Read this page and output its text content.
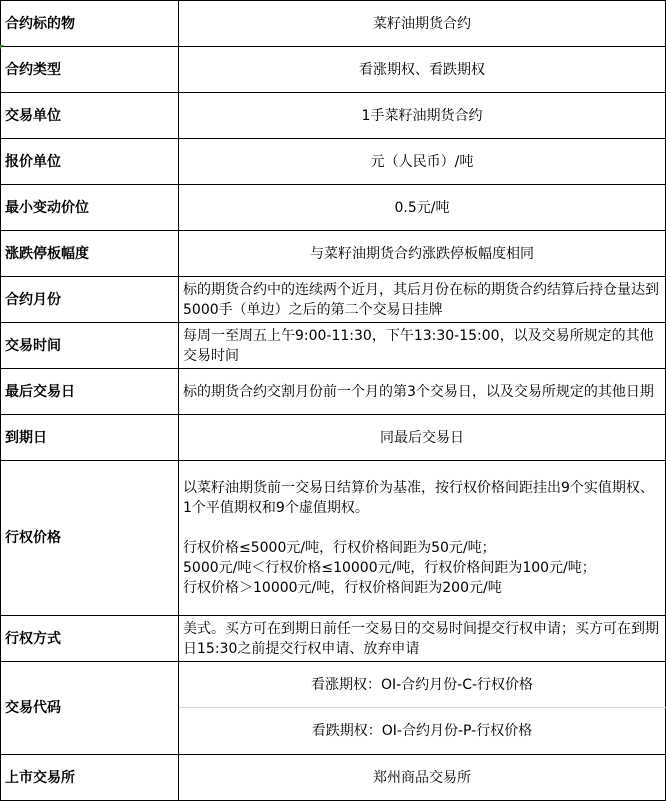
合约标的物	菜籽油期货合约
合约类型	看涨期权、看跌期权
交易单位	1手菜籽油期货合约
报价单位	元（人民币）/吨
最小变动价位	0.5元/吨
涨跌停板幅度	与菜籽油期货合约涨跌停板幅度相同
合约月份	标的期货合约中的连续两个近月，其后月份在标的期货合约结算后持仓量达到5000手（单边）之后的第二个交易日挂牌
交易时间	每周一至周五上午9:00-11:30，下午13:30-15:00，以及交易所规定的其他交易时间
最后交易日	标的期货合约交割月份前一个月的第3个交易日，以及交易所规定的其他日期
到期日	同最后交易日
行权价格	以菜籽油期货前一交易日结算价为基准，按行权价格间距挂出9个实值期权、1个平值期权和9个虚值期权。
行权价格≤5000元/吨，行权价格间距为50元/吨；
5000元/吨＜行权价格≤10000元/吨，行权价格间距为100元/吨；
行权价格＞10000元/吨，行权价格间距为200元/吨

行权方式	美式。买方可在到期日前任一交易日的交易时间提交行权申请；买方可在到期日15:30之前提交行权申请、放弃申请
交易代码	看涨期权：OI-合约月份-C-行权价格
	看跌期权：OI-合约月份-P-行权价格
上市交易所	郑州商品交易所
